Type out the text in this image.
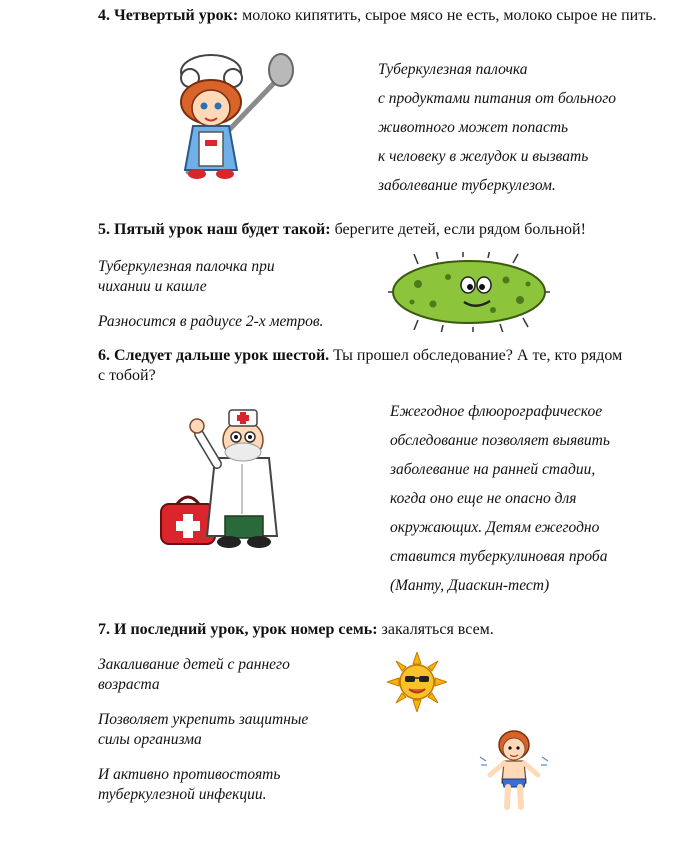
4. Четвертый урок: молоко кипятить, сырое мясо не есть, молоко сырое не пить.
Туберкулезная палочка
с продуктами питания от больного
животного может попасть
к человеку в желудок и вызвать
заболевание туберкулезом.
5. Пятый урок наш будет такой: берегите детей, если рядом больной!
Туберкулезная палочка при
чихании и кашле
Разносится в радиусе 2-х метров.
6. Следует дальше урок шестой. Ты прошел обследование? А те, кто рядом с тобой?
Ежегодное флюорографическое
обследование позволяет выявить
заболевание на ранней стадии,
когда оно еще не опасно для
окружающих. Детям ежегодно
ставится туберкулиновая проба
(Манту, Диаскин-тест)
7. И последний урок, урок номер семь: закаляться всем.
Закаливание детей с раннего
возраста
Позволяет укрепить защитные
силы организма
И активно противостоять
туберкулезной инфекции.
